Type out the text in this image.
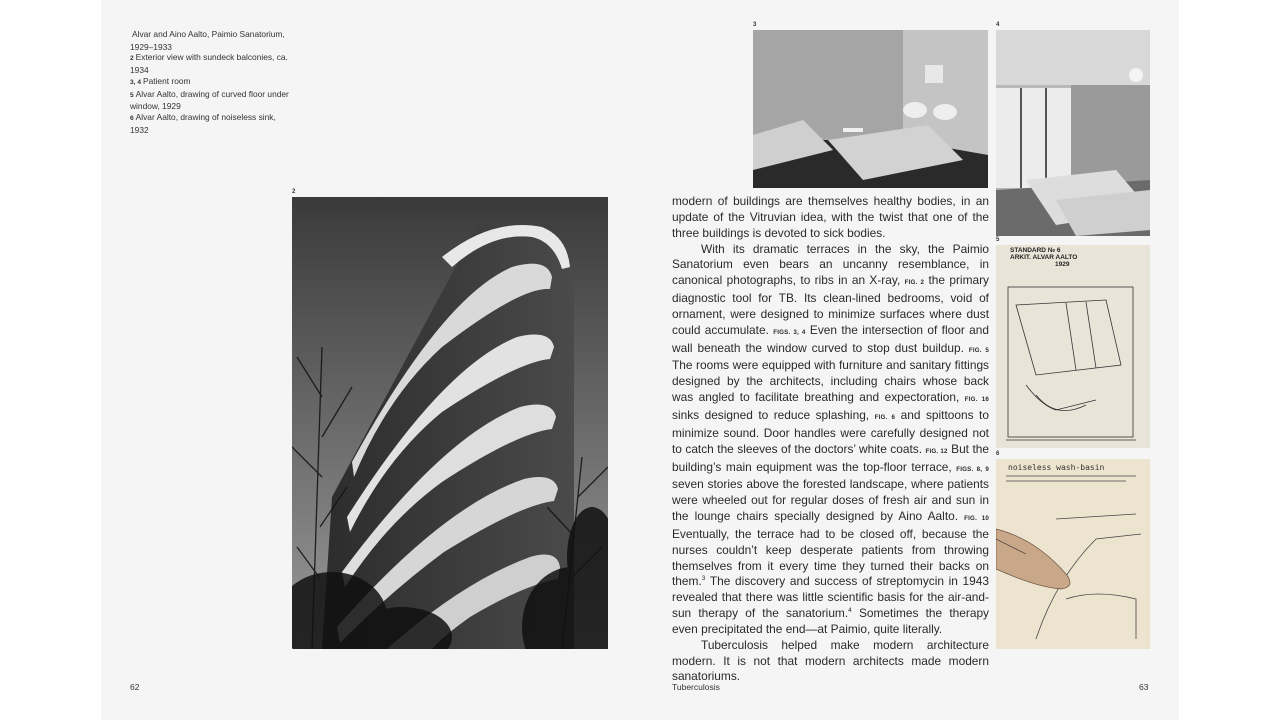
Alvar and Aino Aalto, Paimio Sanatorium, 1929–1933
2 Exterior view with sundeck balconies, ca. 1934
3, 4 Patient room
5 Alvar Aalto, drawing of curved floor under window, 1929
6 Alvar Aalto, drawing of noiseless sink, 1932
2
3	4
5
STANDARD № 6
ARKIT. ALVAR AALTO
1929
6
noiseless wash-basin

modern of buildings are themselves healthy bodies, in an update of the Vitruvian idea, with the twist that one of the three buildings is devoted to sick bodies.

With its dramatic terraces in the sky, the Paimio Sanatorium even bears an uncanny resemblance, in canonical photographs, to ribs in an X-ray, FIG. 2 the primary diagnostic tool for TB. Its clean-lined bedrooms, void of ornament, were designed to minimize surfaces where dust could accumulate. FIGS. 3, 4 Even the intersection of floor and wall beneath the window curved to stop dust buildup. FIG. 5 The rooms were equipped with furniture and sanitary fittings designed by the architects, including chairs whose back was angled to facilitate breathing and expectoration, FIG. 16 sinks designed to reduce splashing, FIG. 6 and spittoons to minimize sound. Door handles were carefully designed not to catch the sleeves of the doctors’ white coats. FIG. 12 But the building’s main equipment was the top-floor terrace, FIGS. 8, 9 seven stories above the forested landscape, where patients were wheeled out for regular doses of fresh air and sun in the lounge chairs specially designed by Aino Aalto. FIG. 10 Eventually, the terrace had to be closed off, because the nurses couldn’t keep desperate patients from throwing themselves from it every time they turned their backs on them.$^3$ The discovery and success of streptomycin in 1943 revealed that there was little scientific basis for the air-and-sun therapy of the sanatorium.$^4$ Sometimes the therapy even precipitated the end—at Paimio, quite literally.

Tuberculosis helped make modern architecture modern. It is not that modern architects made modern sanatoriums.

62	Tuberculosis	63
